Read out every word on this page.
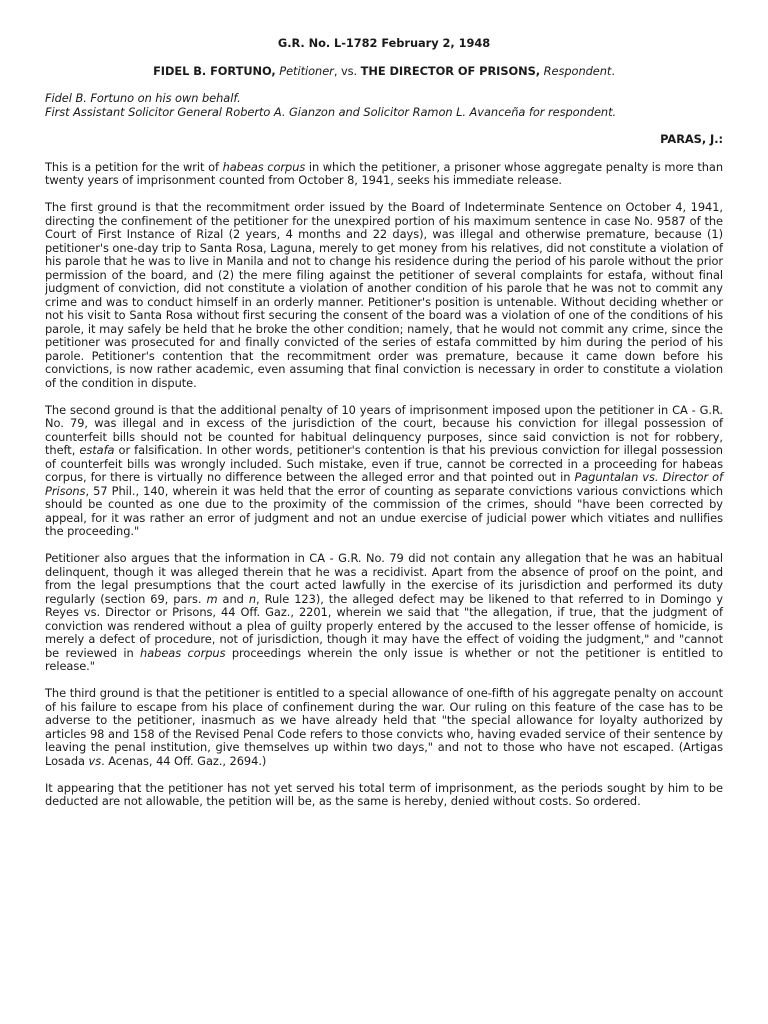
G.R. No. L-1782 February 2, 1948
FIDEL B. FORTUNO, Petitioner, vs. THE DIRECTOR OF PRISONS, Respondent.
Fidel B. Fortuno on his own behalf.
First Assistant Solicitor General Roberto A. Gianzon and Solicitor Ramon L. Avanceña for respondent.
PARAS, J.:
This is a petition for the writ of habeas corpus in which the petitioner, a prisoner whose aggregate penalty is more than twenty years of imprisonment counted from October 8, 1941, seeks his immediate release.
The first ground is that the recommitment order issued by the Board of Indeterminate Sentence on October 4, 1941, directing the confinement of the petitioner for the unexpired portion of his maximum sentence in case No. 9587 of the Court of First Instance of Rizal (2 years, 4 months and 22 days), was illegal and otherwise premature, because (1) petitioner's one-day trip to Santa Rosa, Laguna, merely to get money from his relatives, did not constitute a violation of his parole that he was to live in Manila and not to change his residence during the period of his parole without the prior permission of the board, and (2) the mere filing against the petitioner of several complaints for estafa, without final judgment of conviction, did not constitute a violation of another condition of his parole that he was not to commit any crime and was to conduct himself in an orderly manner. Petitioner's position is untenable. Without deciding whether or not his visit to Santa Rosa without first securing the consent of the board was a violation of one of the conditions of his parole, it may safely be held that he broke the other condition; namely, that he would not commit any crime, since the petitioner was prosecuted for and finally convicted of the series of estafa committed by him during the period of his parole. Petitioner's contention that the recommitment order was premature, because it came down before his convictions, is now rather academic, even assuming that final conviction is necessary in order to constitute a violation of the condition in dispute.
The second ground is that the additional penalty of 10 years of imprisonment imposed upon the petitioner in CA - G.R. No. 79, was illegal and in excess of the jurisdiction of the court, because his conviction for illegal possession of counterfeit bills should not be counted for habitual delinquency purposes, since said conviction is not for robbery, theft, estafa or falsification. In other words, petitioner's contention is that his previous conviction for illegal possession of counterfeit bills was wrongly included. Such mistake, even if true, cannot be corrected in a proceeding for habeas corpus, for there is virtually no difference between the alleged error and that pointed out in Paguntalan vs. Director of Prisons, 57 Phil., 140, wherein it was held that the error of counting as separate convictions various convictions which should be counted as one due to the proximity of the commission of the crimes, should "have been corrected by appeal, for it was rather an error of judgment and not an undue exercise of judicial power which vitiates and nullifies the proceeding."
Petitioner also argues that the information in CA - G.R. No. 79 did not contain any allegation that he was an habitual delinquent, though it was alleged therein that he was a recidivist. Apart from the absence of proof on the point, and from the legal presumptions that the court acted lawfully in the exercise of its jurisdiction and performed its duty regularly (section 69, pars. m and n, Rule 123), the alleged defect may be likened to that referred to in Domingo y Reyes vs. Director or Prisons, 44 Off. Gaz., 2201, wherein we said that "the allegation, if true, that the judgment of conviction was rendered without a plea of guilty properly entered by the accused to the lesser offense of homicide, is merely a defect of procedure, not of jurisdiction, though it may have the effect of voiding the judgment," and "cannot be reviewed in habeas corpus proceedings wherein the only issue is whether or not the petitioner is entitled to release."
The third ground is that the petitioner is entitled to a special allowance of one-fifth of his aggregate penalty on account of his failure to escape from his place of confinement during the war. Our ruling on this feature of the case has to be adverse to the petitioner, inasmuch as we have already held that "the special allowance for loyalty authorized by articles 98 and 158 of the Revised Penal Code refers to those convicts who, having evaded service of their sentence by leaving the penal institution, give themselves up within two days," and not to those who have not escaped. (Artigas Losada vs. Acenas, 44 Off. Gaz., 2694.)
It appearing that the petitioner has not yet served his total term of imprisonment, as the periods sought by him to be deducted are not allowable, the petition will be, as the same is hereby, denied without costs. So ordered.
